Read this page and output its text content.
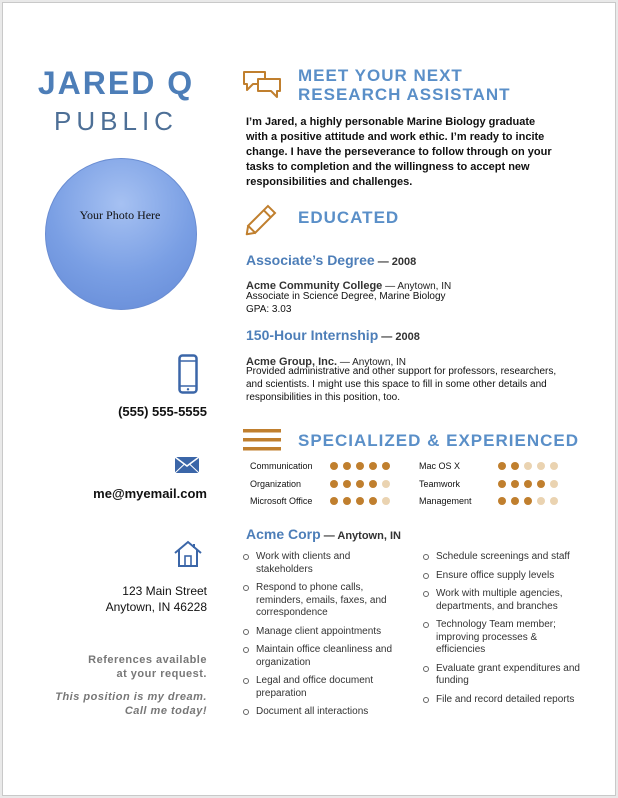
JARED Q
PUBLIC
Your Photo Here
(555) 555-5555
me@myemail.com
123 Main Street
Anytown, IN 46228
References available
at your request.
This position is my dream.
Call me today!
MEET YOUR NEXT
RESEARCH ASSISTANT
I’m Jared, a highly personable Marine Biology graduate
with a positive attitude and work ethic. I’m ready to incite
change. I have the perseverance to follow through on your
tasks to completion and the willingness to accept new
responsibilities and challenges.
EDUCATED
Associate’s Degree — 2008
Acme Community College — Anytown, IN
Associate in Science Degree, Marine Biology
GPA: 3.03
150-Hour Internship — 2008
Acme Group, Inc. — Anytown, IN
Provided administrative and other support for professors, researchers,
and scientists. I might use this space to fill in some other details and
responsibilities in this position, too.
SPECIALIZED & EXPERIENCED
Communication	Mac OS X
Organization	Teamwork
Microsoft Office	Management
Acme Corp — Anytown, IN
Work with clients and stakeholders
Respond to phone calls, reminders, emails, faxes, and correspondence
Manage client appointments
Maintain office cleanliness and organization
Legal and office document preparation
Document all interactions
Schedule screenings and staff
Ensure office supply levels
Work with multiple agencies, departments, and branches
Technology Team member; improving processes & efficiencies
Evaluate grant expenditures and funding
File and record detailed reports
